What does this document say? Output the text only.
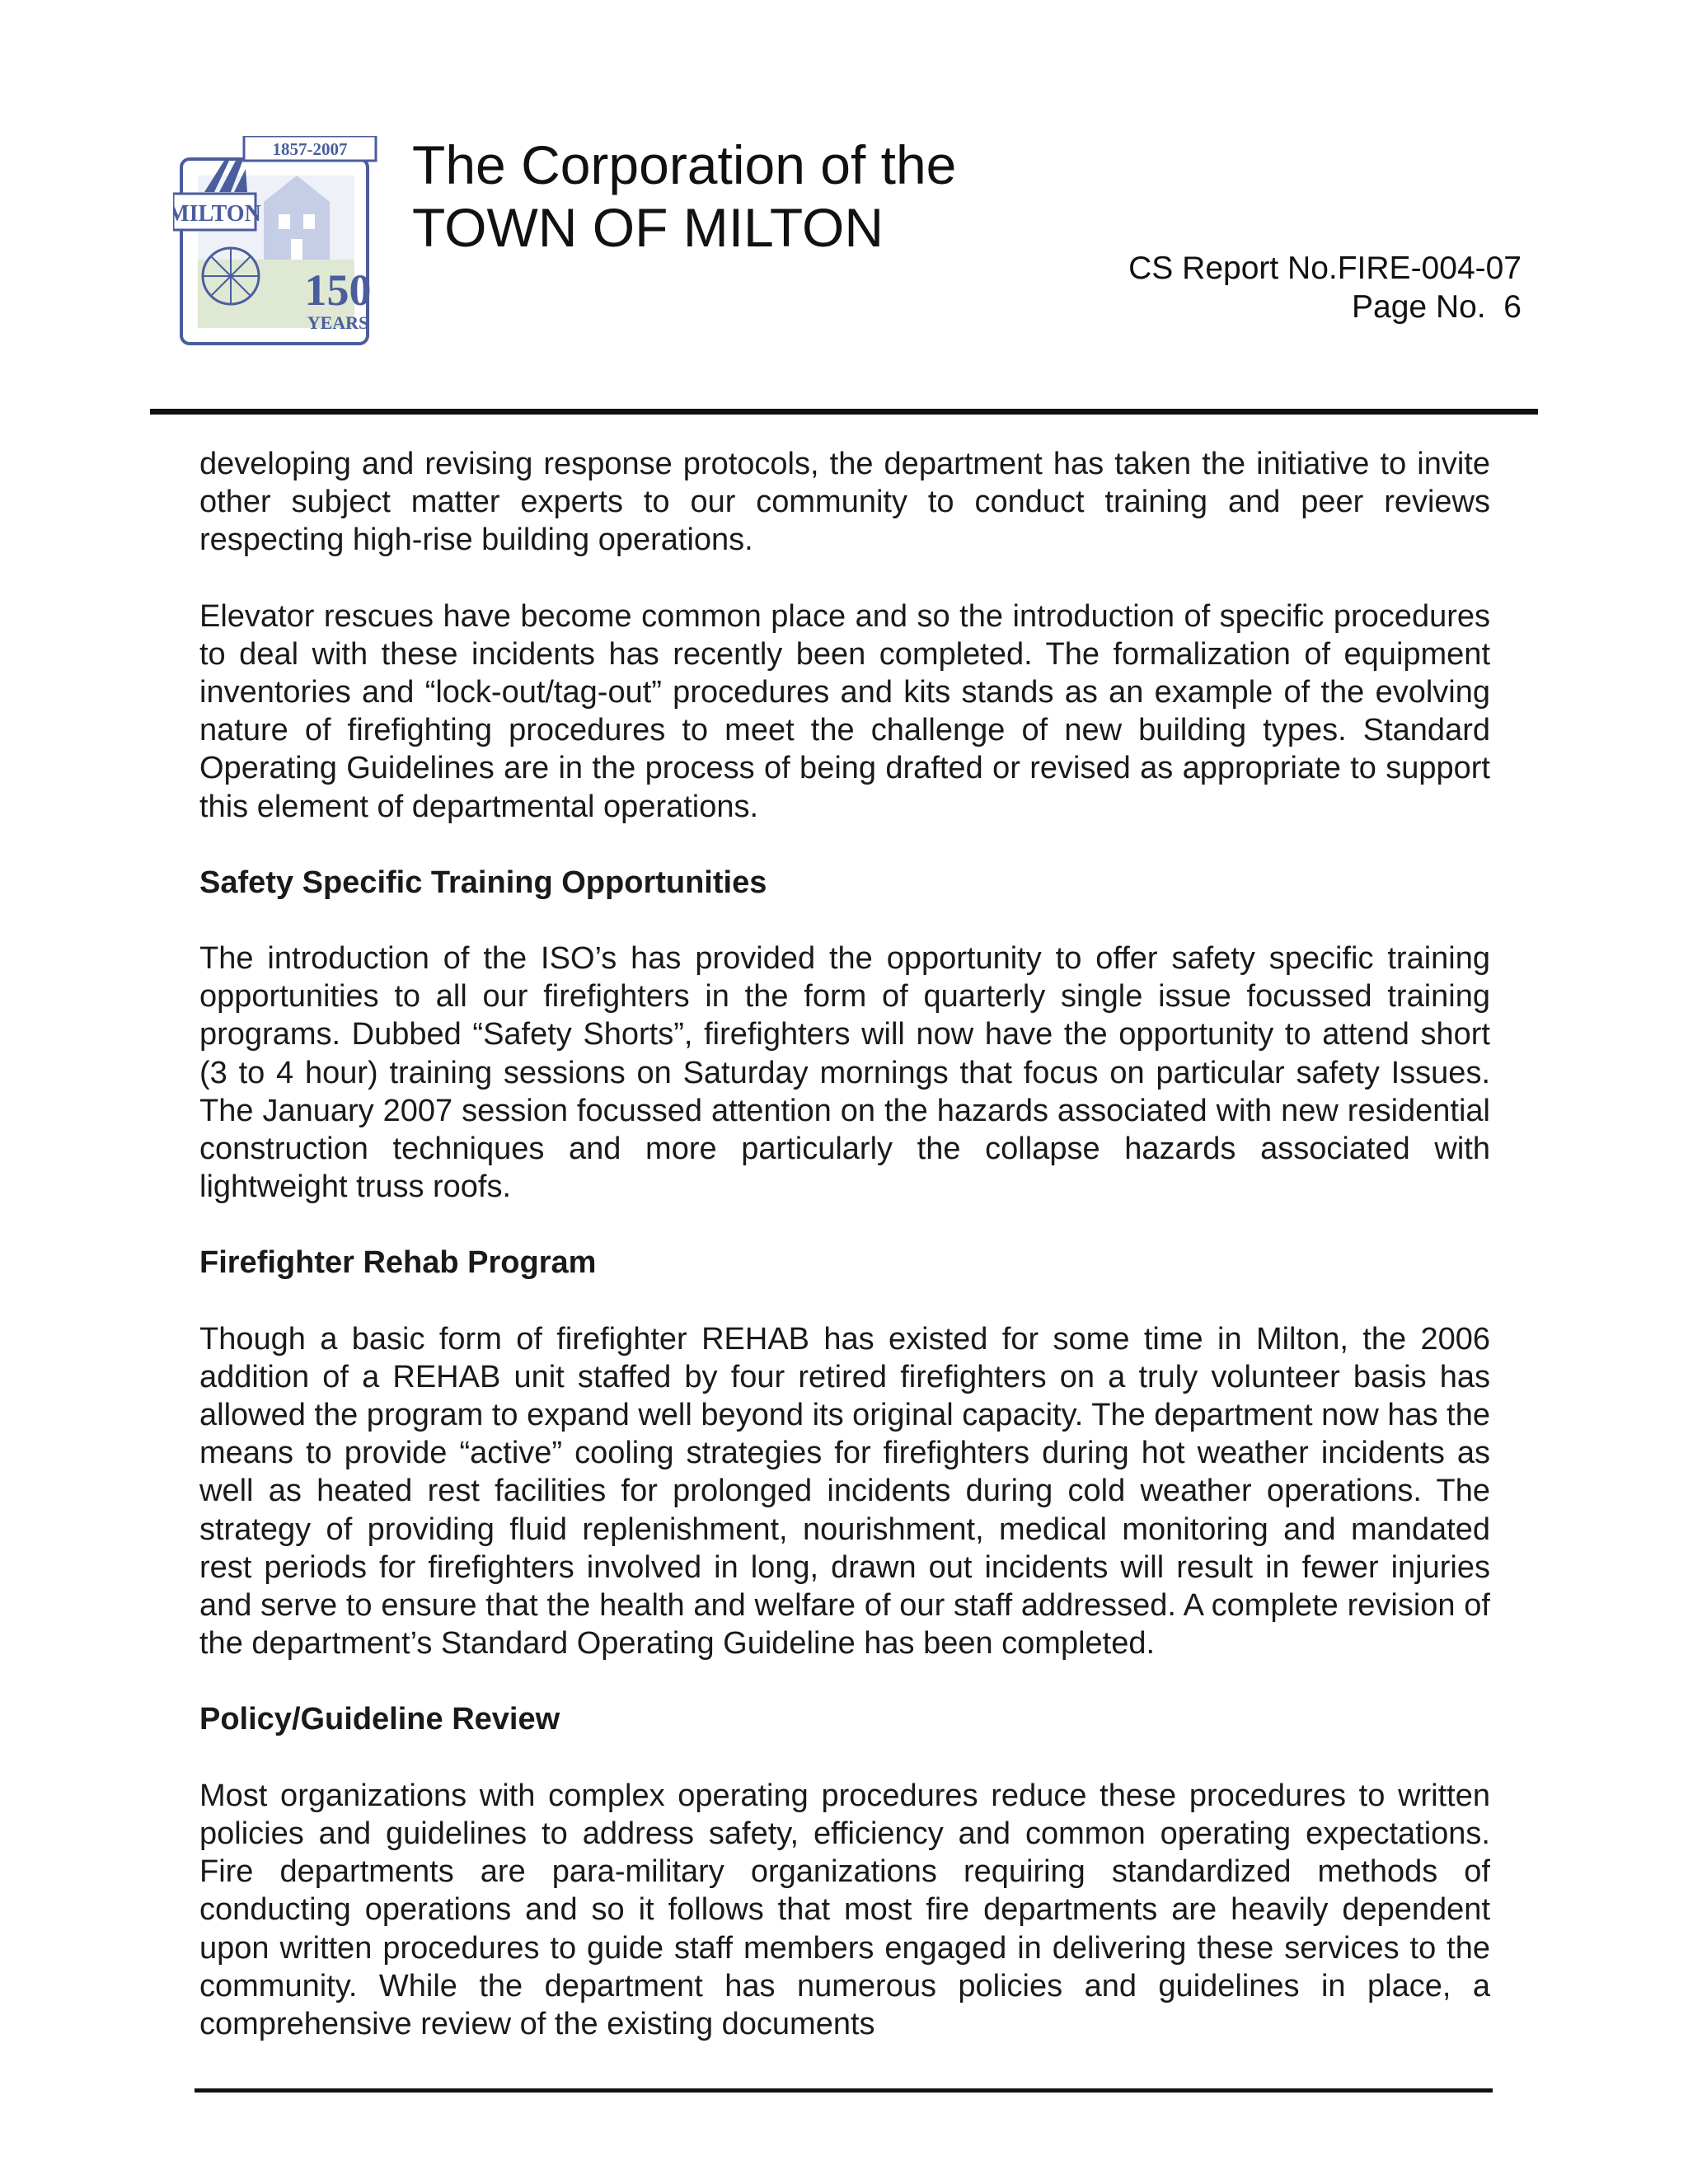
1857-2007
MILTON
150
YEARS
The Corporation of the
TOWN OF MILTON
CS Report No.FIRE-004-07
Page No.  6

developing and revising response protocols, the department has taken the initiative to invite other subject matter experts to our community to conduct training and peer reviews respecting high-rise building operations.

Elevator rescues have become common place and so the introduction of specific procedures to deal with these incidents has recently been completed. The formalization of equipment inventories and “lock-out/tag-out” procedures and kits stands as an example of the evolving nature of firefighting procedures to meet the challenge of new building types. Standard Operating Guidelines are in the process of being drafted or revised as appropriate to support this element of departmental operations.

Safety Specific Training Opportunities

The introduction of the ISO’s has provided the opportunity to offer safety specific training opportunities to all our firefighters in the form of quarterly single issue focussed training programs. Dubbed “Safety Shorts”, firefighters will now have the opportunity to attend short (3 to 4 hour) training sessions on Saturday mornings that focus on particular safety Issues. The January 2007 session focussed attention on the hazards associated with new residential construction techniques and more particularly the collapse hazards associated with lightweight truss roofs.

Firefighter Rehab Program

Though a basic form of firefighter REHAB has existed for some time in Milton, the 2006 addition of a REHAB unit staffed by four retired firefighters on a truly volunteer basis has allowed the program to expand well beyond its original capacity. The department now has the means to provide “active” cooling strategies for firefighters during hot weather incidents as well as heated rest facilities for prolonged incidents during cold weather operations. The strategy of providing fluid replenishment, nourishment, medical monitoring and mandated rest periods for firefighters involved in long, drawn out incidents will result in fewer injuries and serve to ensure that the health and welfare of our staff addressed. A complete revision of the department’s Standard Operating Guideline has been completed.

Policy/Guideline Review

Most organizations with complex operating procedures reduce these procedures to written policies and guidelines to address safety, efficiency and common operating expectations. Fire departments are para-military organizations requiring standardized methods of conducting operations and so it follows that most fire departments are heavily dependent upon written procedures to guide staff members engaged in delivering these services to the community. While the department has numerous policies and guidelines in place, a comprehensive review of the existing documents
